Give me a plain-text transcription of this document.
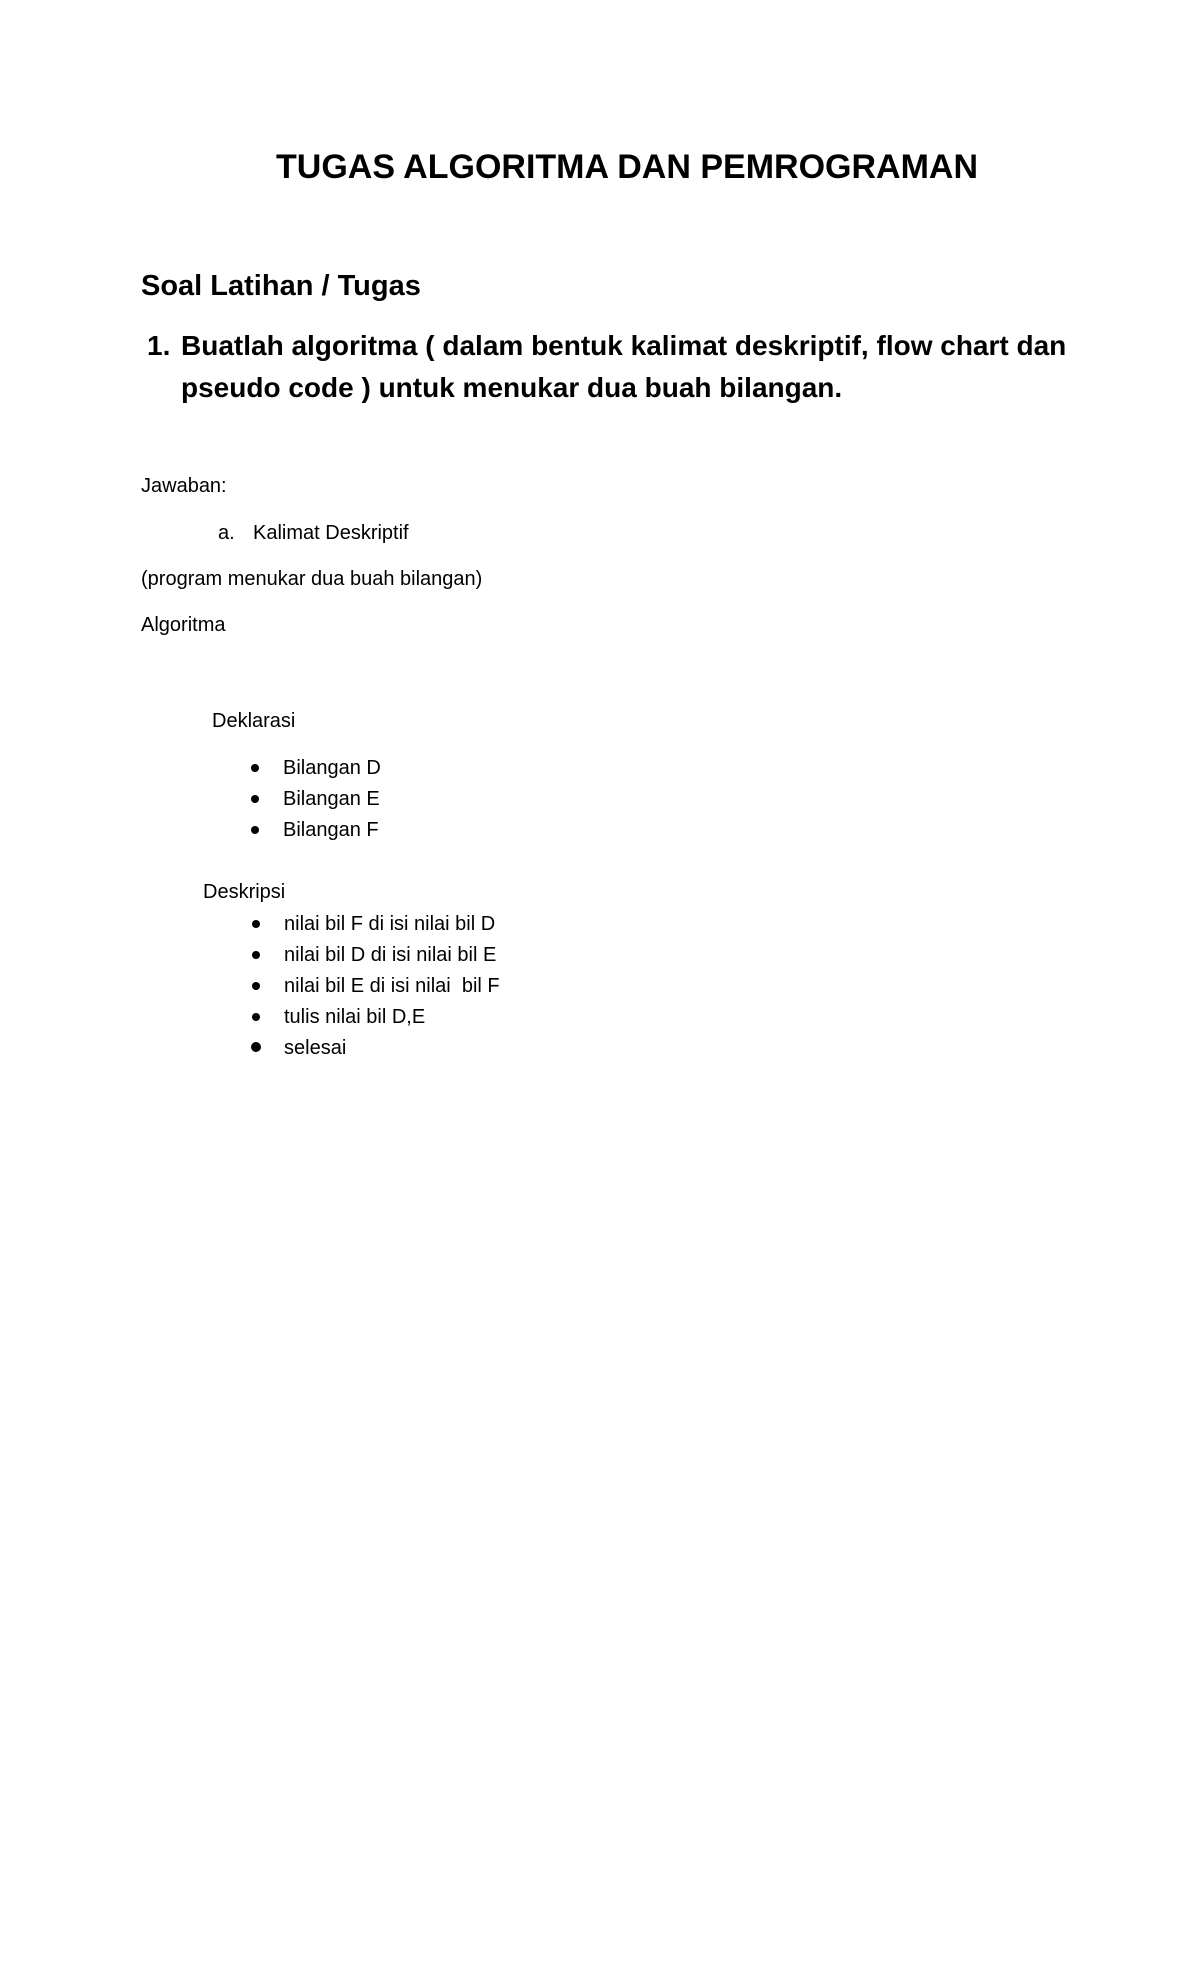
TUGAS ALGORITMA DAN PEMROGRAMAN
Soal Latihan / Tugas
1. Buatlah algoritma ( dalam bentuk kalimat deskriptif, flow chart dan pseudo code ) untuk menukar dua buah bilangan.
Jawaban:
a. Kalimat Deskriptif
(program menukar dua buah bilangan)
Algoritma
Deklarasi
Bilangan D
Bilangan E
Bilangan F
Deskripsi
nilai bil F di isi nilai bil D
nilai bil D di isi nilai bil E
nilai bil E di isi nilai  bil F
tulis nilai bil D,E
selesai
